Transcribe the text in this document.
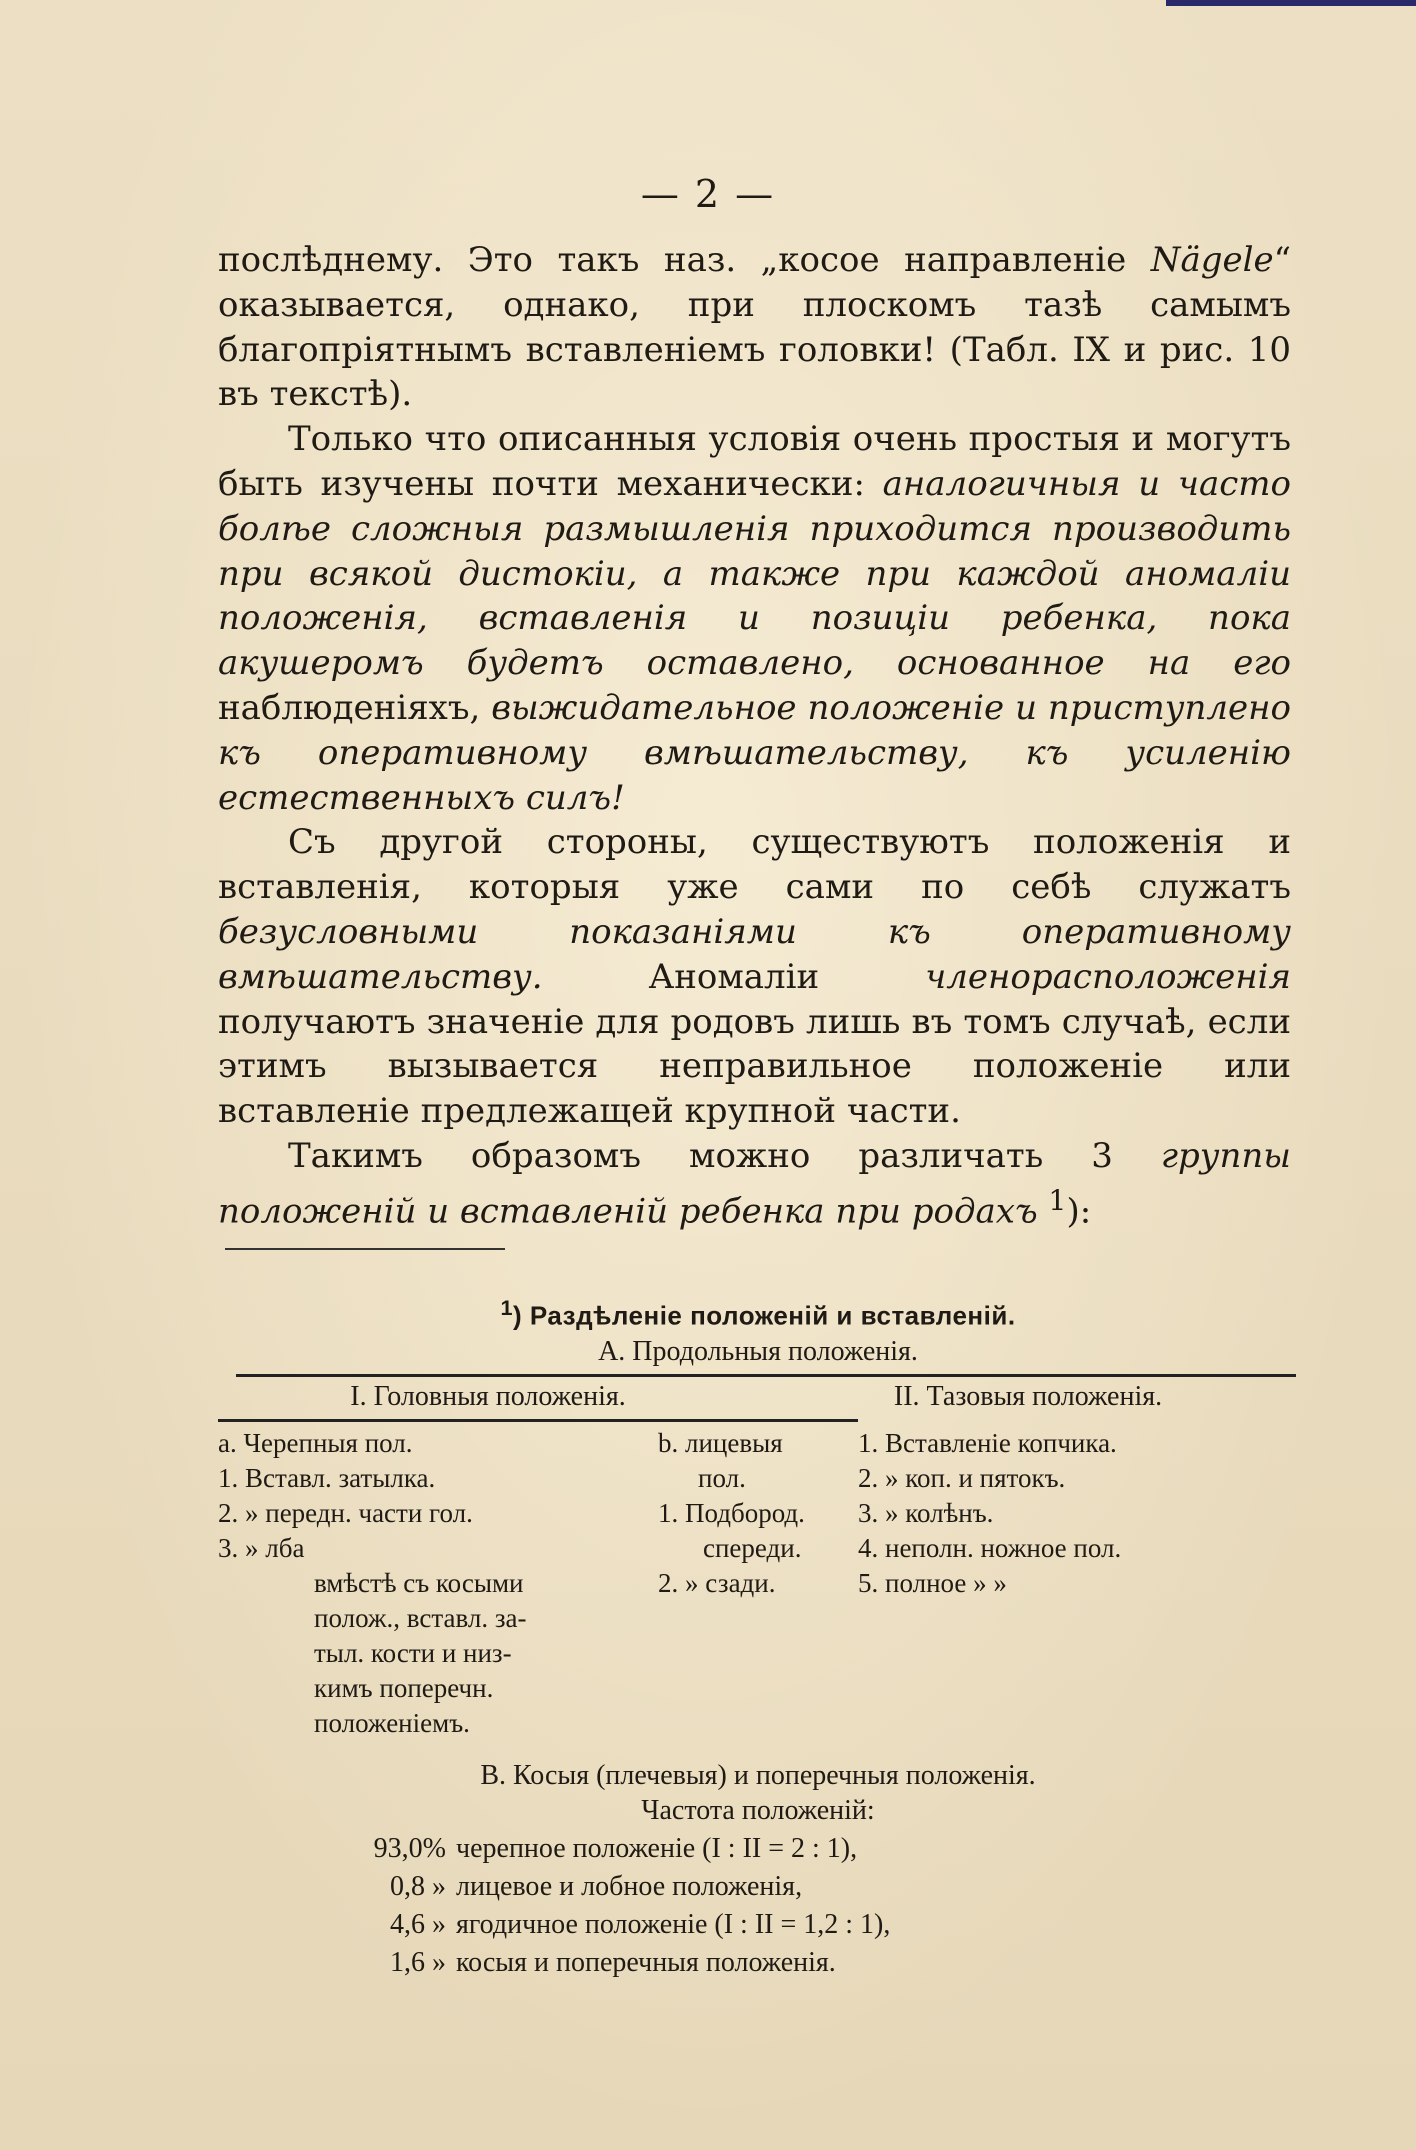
— 2 —

послѣднему. Это такъ наз. „косое направленіе Nägele“ оказывается, однако, при плоскомъ тазѣ самымъ благопріятнымъ вставленіемъ головки! (Табл. IX и рис. 10 въ текстѣ).

Только что описанныя условія очень простыя и могутъ быть изучены почти механически: аналогичныя и часто болѣе сложныя размышленія приходится производить при всякой дистокіи, а также при каждой аномаліи положенія, вставленія и позиціи ребенка, пока акушеромъ будетъ оставлено, основанное на его наблюденіяхъ, выжидательное положеніе и приступлено къ оперативному вмѣшательству, къ усиленію естественныхъ силъ!

Съ другой стороны, существуютъ положенія и вставленія, которыя уже сами по себѣ служатъ безусловными показаніями къ оперативному вмѣшательству. Аномаліи членорасположенія получаютъ значеніе для родовъ лишь въ томъ случаѣ, если этимъ вызывается неправильное положеніе или вставленіе предлежащей крупной части.

Такимъ образомъ можно различать 3 группы положеній и вставленій ребенка при родахъ $^1$):

$^1$) Раздѣленіе положеній и вставленій.
A. Продольныя положенія.
I. Головныя положенія.	II. Тазовыя положенія.
a. Черепныя пол.
1. Вставл. затылка.
2. » передн. части гол.
3. » лба
вмѣстѣ съ косыми
полож., вставл. за-
тыл. кости и низ-
кимъ поперечн.
положеніемъ.
b. лицевыя
пол.
1. Подбород.
спереди.
2. » сзади.
1. Вставленіе копчика.
2. » коп. и пятокъ.
3. » колѣнъ.
4. неполн. ножное пол.
5. полное » »
B. Косыя (плечевыя) и поперечныя положенія.
Частота положеній:
93,0% черепное положеніе (I : II = 2 : 1),
0,8 » лицевое и лобное положенія,
4,6 » ягодичное положеніе (I : II = 1,2 : 1),
1,6 » косыя и поперечныя положенія.
